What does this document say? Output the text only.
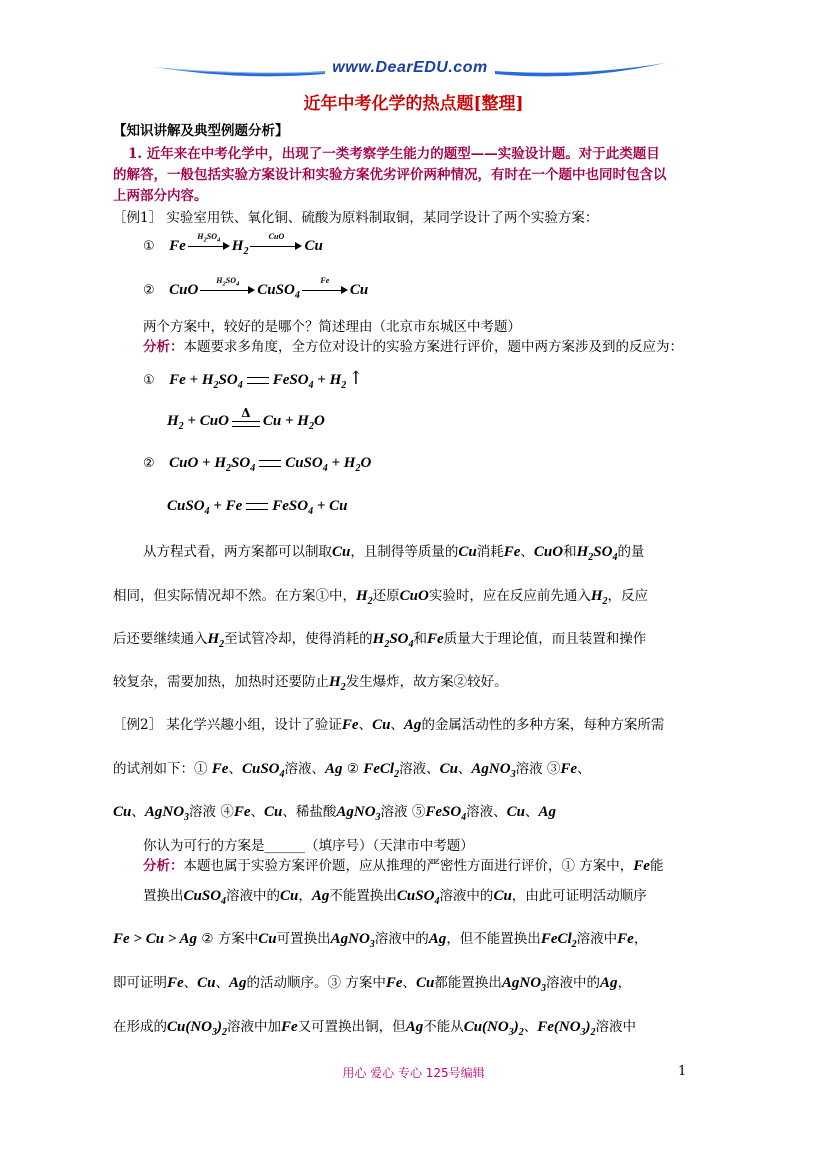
www.DearEDU.com
近年中考化学的热点题[整理]
【知识讲解及典型例题分析】
1. 近年来在中考化学中，出现了一类考察学生能力的题型——实验设计题。对于此类题目
的解答，一般包括实验方案设计和实验方案优劣评价两种情况，有时在一个题中也同时包含以
上两部分内容。
［例1］ 实验室用铁、氧化铜、硫酸为原料制取铜，某同学设计了两个实验方案：
① Fe
$H_2SO_4$ $H_2$
CuO
Cu
② CuO
$H_2SO_4$	CuSO$_4$
Fe
Cu
两个方案中，较好的是哪个？简述理由（北京市东城区中考题）
分析：本题要求多角度，全方位对设计的实验方案进行评价，题中两方案涉及到的反应为：
① $Fe + H_2SO_4$ FeSO$_4$ + $H_2$ ↑
$H_2$ + CuO	Δ $Cu + H_2O$
② CuO + $H_2SO_4$ CuSO$_4$ + $H_2O$
CuSO$_4$ + Fe FeSO$_4$ + Cu
从方程式看，两方案都可以制取Cu，且制得等质量的Cu消耗Fe、CuO和$H_2SO_4$的量
相同，但实际情况却不然。在方案①中，$H_2$还原CuO实验时，应在反应前先通入$H_2$，反应
后还要继续通入$H_2$至试管冷却，使得消耗的$H_2SO_4$和Fe质量大于理论值，而且装置和操作
较复杂，需要加热，加热时还要防止$H_2$发生爆炸，故方案②较好。
［例2］ 某化学兴趣小组，设计了验证Fe、Cu、Ag的金属活动性的多种方案，每种方案所需
的试剂如下：① Fe、CuSO$_4$溶液、Ag ② FeCl$_2$溶液、Cu、AgNO$_3$溶液 ③Fe、
Cu、AgNO$_3$溶液 ④Fe、Cu、稀盐酸AgNO$_3$溶液 ⑤FeSO$_4$溶液、Cu、Ag
你认为可行的方案是______（填序号）（天津市中考题）
分析：本题也属于实验方案评价题，应从推理的严密性方面进行评价，① 方案中，Fe能
置换出CuSO$_4$溶液中的Cu，Ag不能置换出CuSO$_4$溶液中的Cu，由此可证明活动顺序
Fe > Cu > Ag ② 方案中Cu可置换出AgNO$_3$溶液中的Ag，但不能置换出FeCl$_2$溶液中Fe，
即可证明Fe、Cu、Ag的活动顺序。③ 方案中Fe、Cu都能置换出AgNO$_3$溶液中的Ag，
在形成的$Cu(NO_3)_2$溶液中加Fe又可置换出铜，但Ag不能从$Cu(NO_3)_2$、$Fe(NO_3)_2$溶液中
用心 爱心 专心 125号编辑	1
